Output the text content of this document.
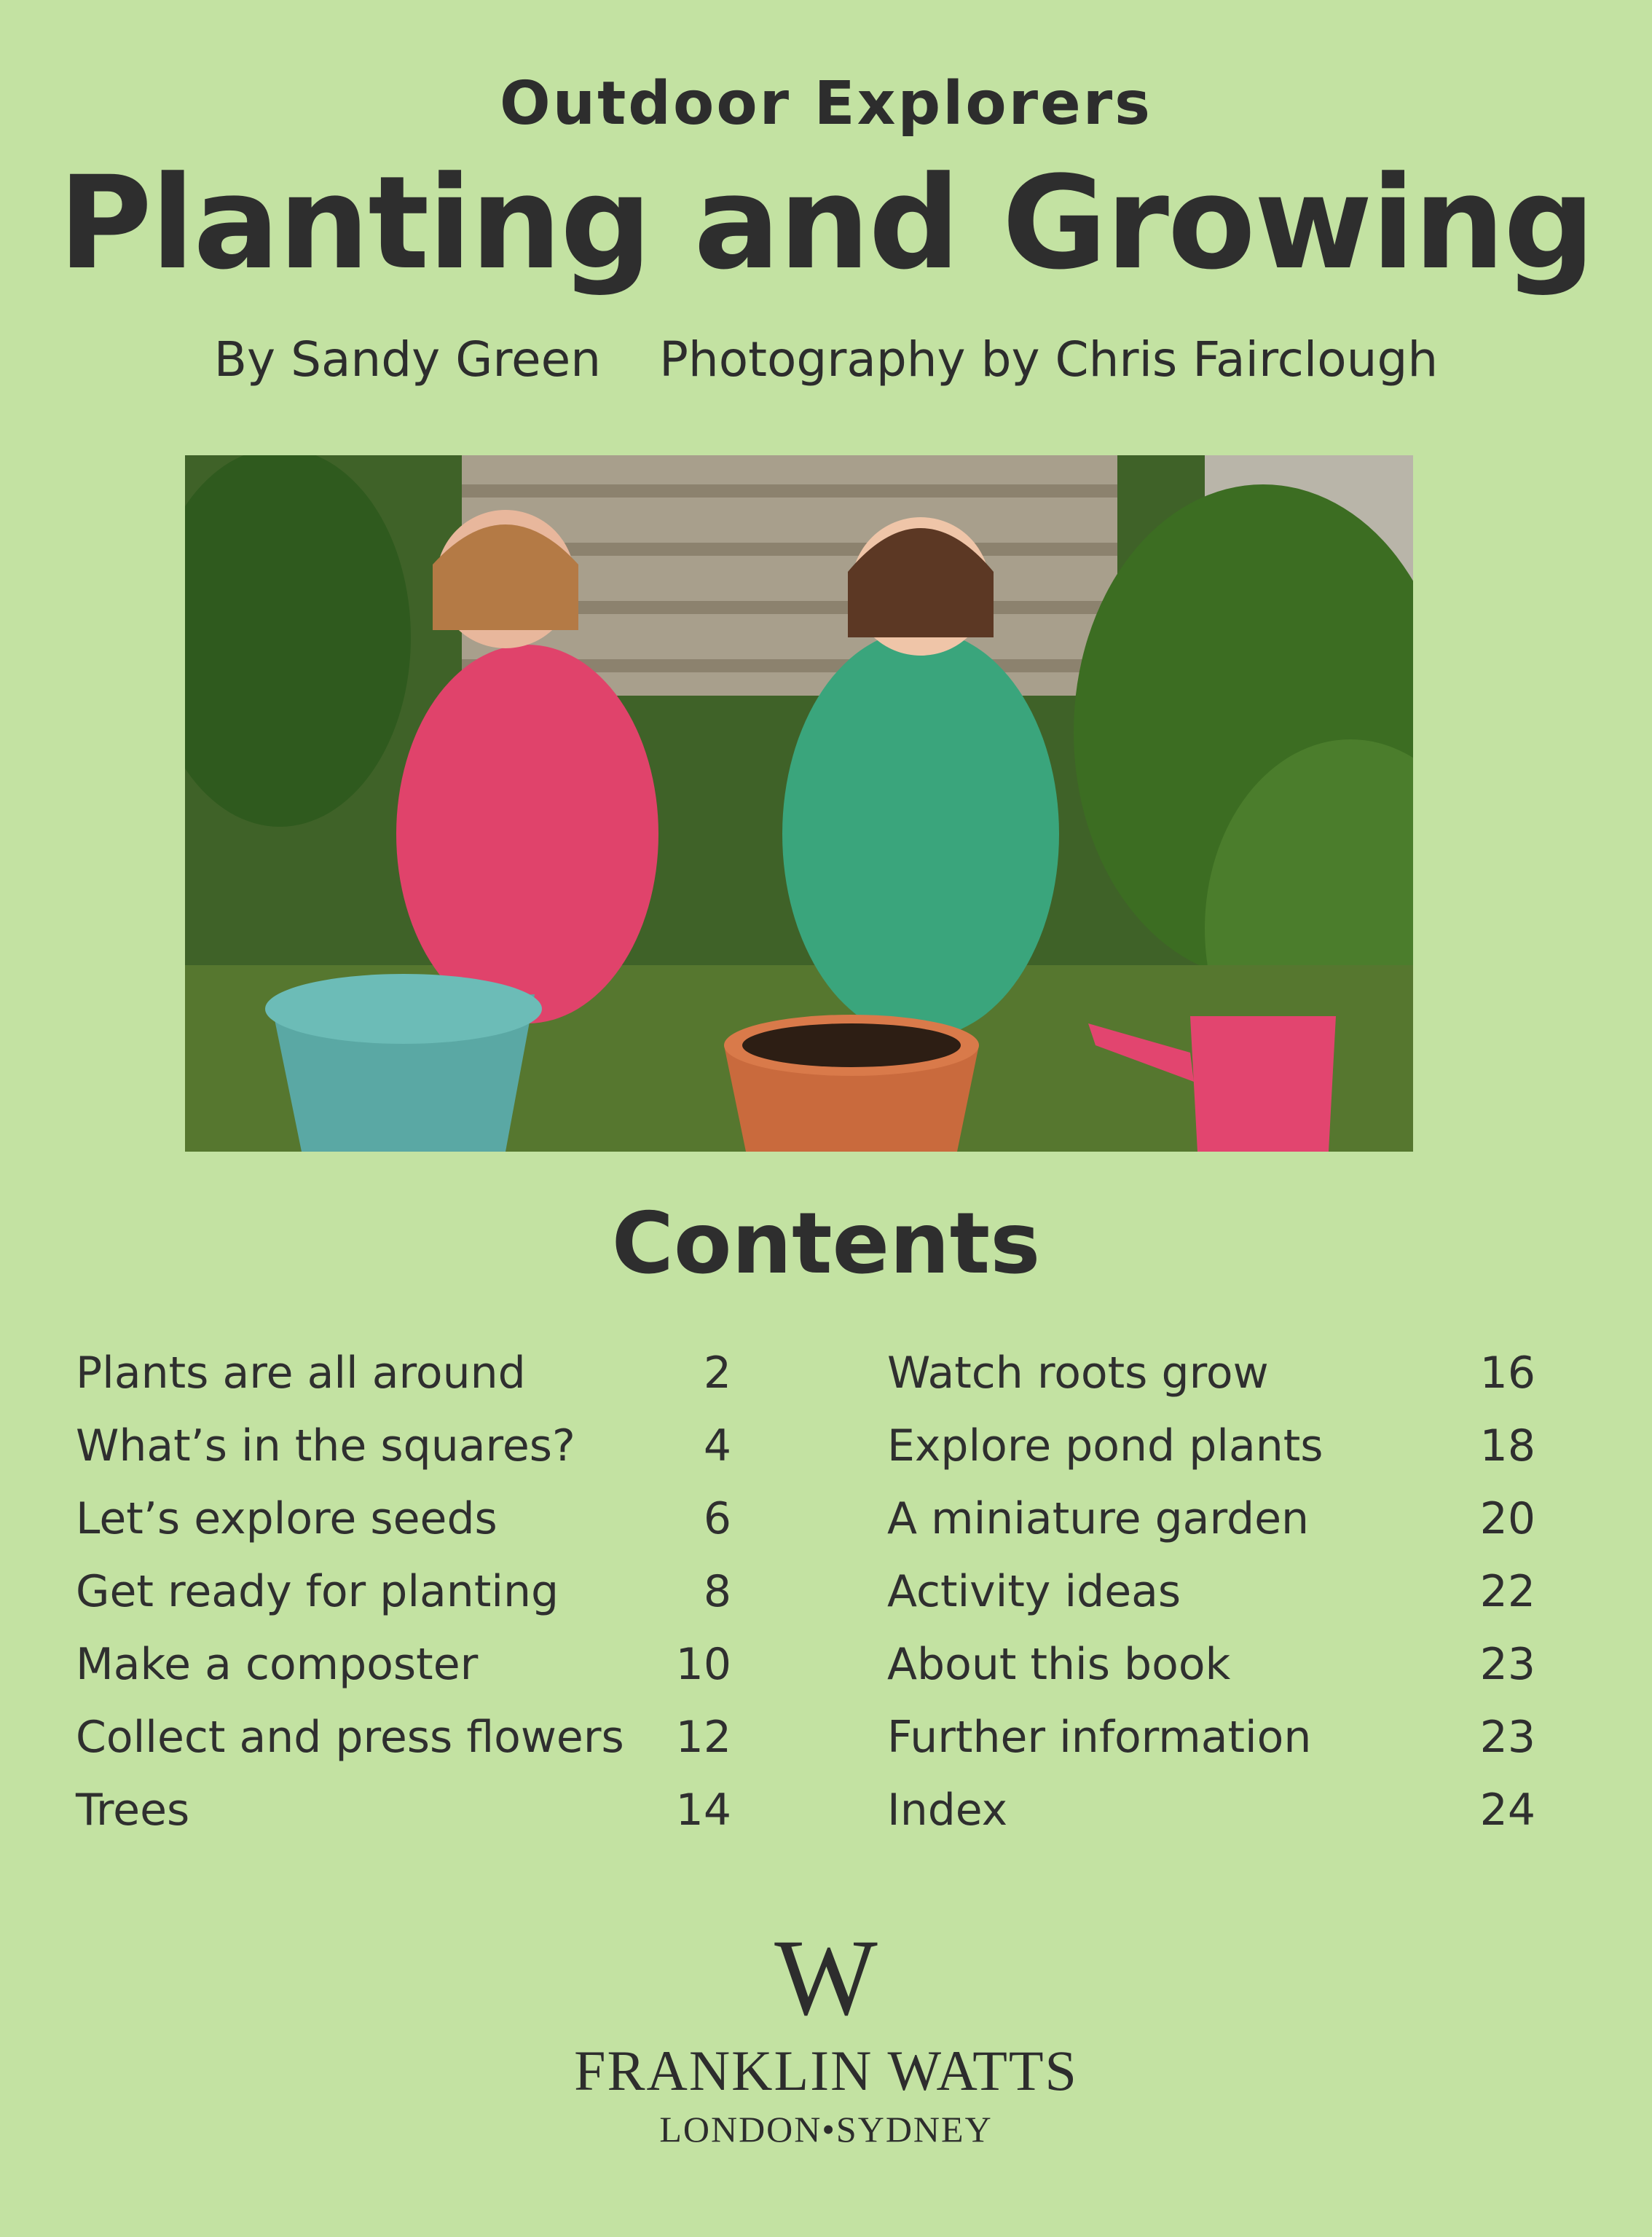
Outdoor Explorers
Planting and Growing
By Sandy Green Photography by Chris Fairclough
Contents
Plants are all around	2
What’s in the squares?	4
Let’s explore seeds	6
Get ready for planting	8
Make a composter	10
Collect and press flowers 12
Trees	14
Watch roots grow	16
Explore pond plants	18
A miniature garden	20
Activity ideas	22
About this book	23
Further information	23
Index	24
W
FRANKLIN WATTS
LONDON•SYDNEY
